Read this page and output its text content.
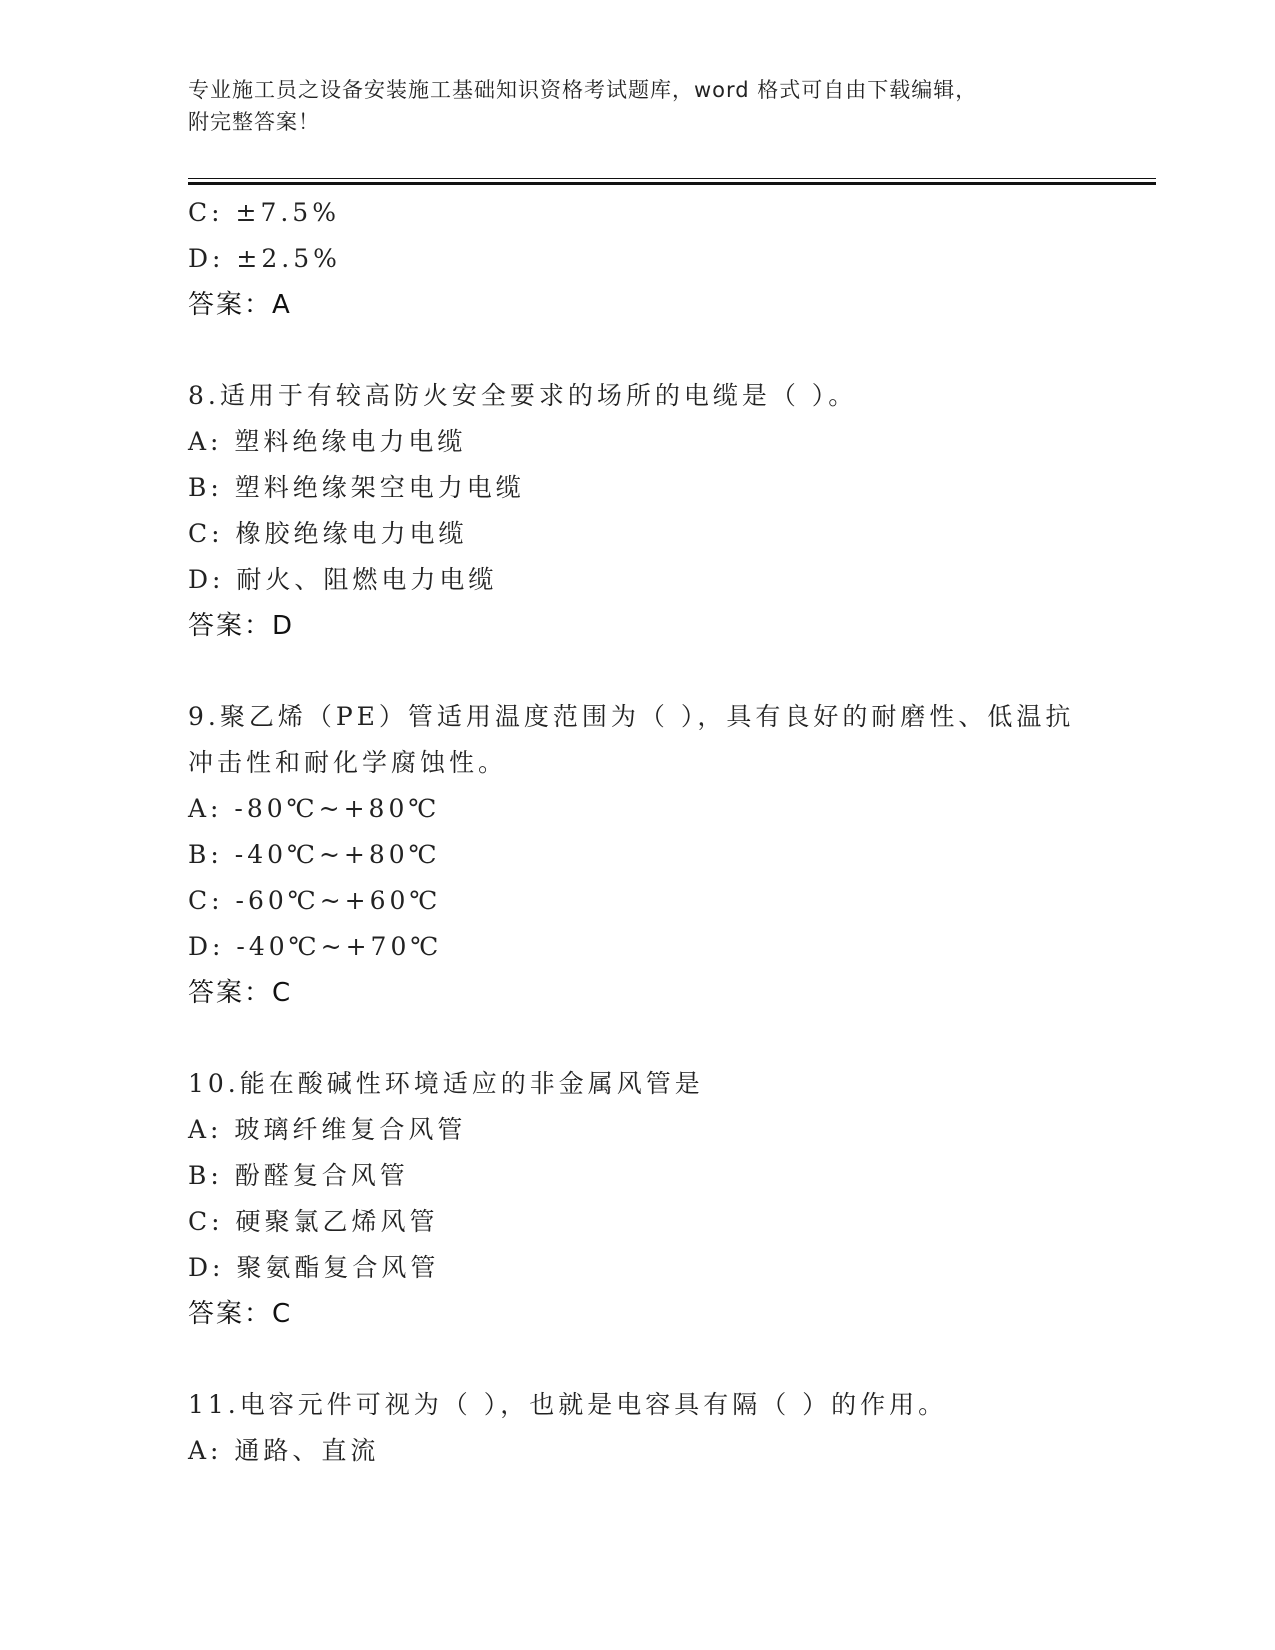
专业施工员之设备安装施工基础知识资格考试题库，word 格式可自由下载编辑，
附完整答案！
C: ±7.5%
D: ±2.5%
答案：A
8.适用于有较高防火安全要求的场所的电缆是（ ）。
A: 塑料绝缘电力电缆
B: 塑料绝缘架空电力电缆
C: 橡胶绝缘电力电缆
D: 耐火、阻燃电力电缆
答案：D
9.聚乙烯（PE）管适用温度范围为（ ），具有良好的耐磨性、低温抗
冲击性和耐化学腐蚀性。
A: -80℃~+80℃
B: -40℃~+80℃
C: -60℃~+60℃
D: -40℃~+70℃
答案：C
10.能在酸碱性环境适应的非金属风管是
A: 玻璃纤维复合风管
B: 酚醛复合风管
C: 硬聚氯乙烯风管
D: 聚氨酯复合风管
答案：C
11.电容元件可视为（ ），也就是电容具有隔（ ）的作用。
A: 通路、直流
